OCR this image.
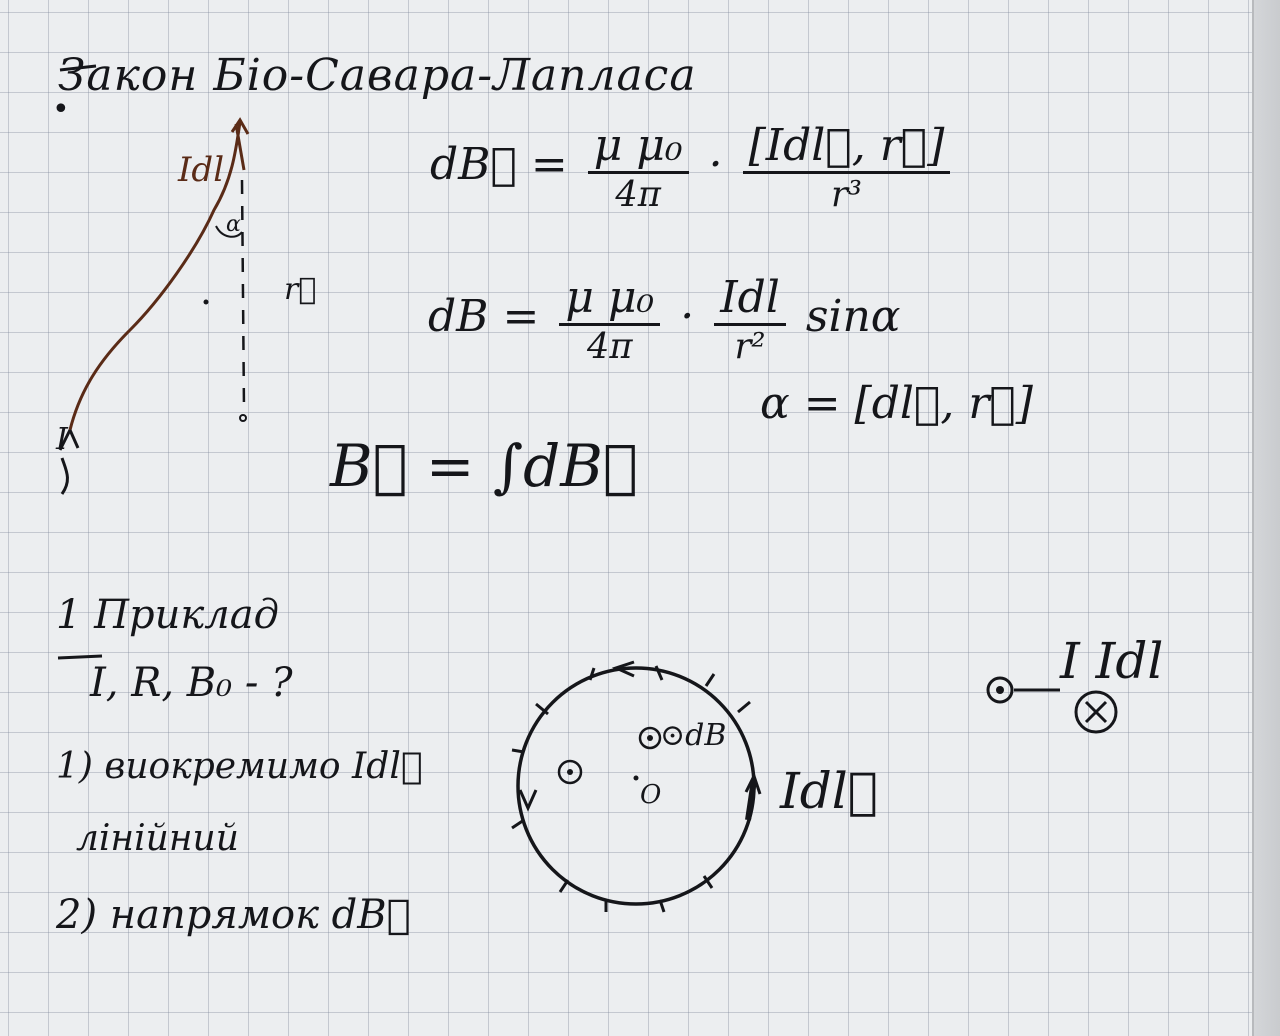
•
Закон Біо-Савара-Лапласа
Idl
α
r⃗
I
dB⃗ = $\frac{\text{μ μ₀}}{4\pi} \cdot \frac{\text{[Idl⃗, r⃗]}}{\text{r³}}$
dB = $\frac{\text{μ μ₀}}{4\pi} \cdot \frac{\text{Idl}}{\text{r²}}$ sinα
α = [dl⃗, r⃗]
B⃗ = ∫dB⃗
1 Приклад
I, R, B₀ - ?
1) виокремимо Idl⃗
лінійний
2) напрямок dB⃗
⊙dB
O Idl⃗
I Idl
